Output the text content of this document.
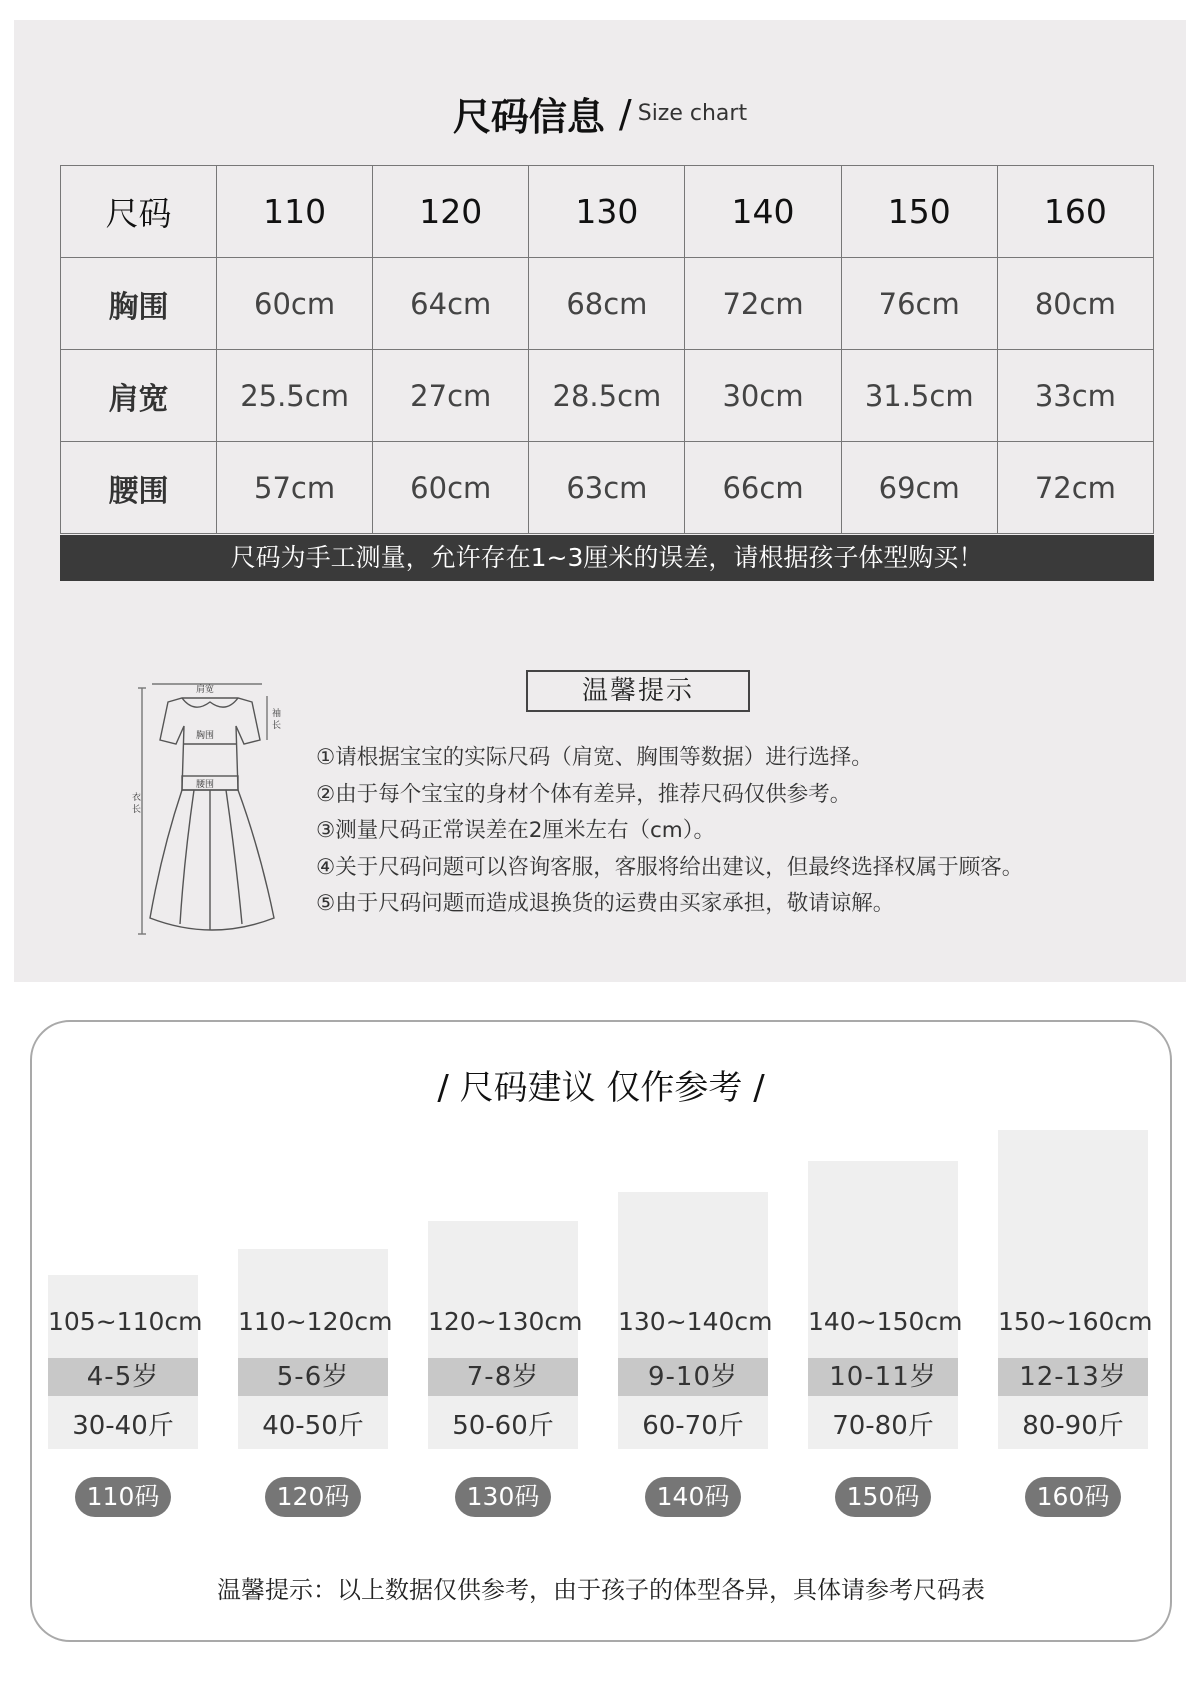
尺码信息 / Size chart
尺码	110	120	130	140	150	160
胸围	60cm	64cm	68cm	72cm	76cm	80cm
肩宽	25.5cm	27cm	28.5cm	30cm	31.5cm	33cm
腰围	57cm	60cm	63cm	66cm	69cm	72cm
尺码为手工测量，允许存在1~3厘米的误差，请根据孩子体型购买！
肩宽
胸围
腰围
袖
长
衣
长
温馨提示
①请根据宝宝的实际尺码（肩宽、胸围等数据）进行选择。
②由于每个宝宝的身材个体有差异，推荐尺码仅供参考。
③测量尺码正常误差在2厘米左右（cm）。
④关于尺码问题可以咨询客服，客服将给出建议，但最终选择权属于顾客。
⑤由于尺码问题而造成退换货的运费由买家承担，敬请谅解。
/ 尺码建议 仅作参考 /
105~110cm
4-5岁
30-40斤
110码
110~120cm
5-6岁
40-50斤
120码
120~130cm
7-8岁
50-60斤
130码
130~140cm
9-10岁
60-70斤
140码
140~150cm
10-11岁
70-80斤
150码
150~160cm
12-13岁
80-90斤
160码
温馨提示：以上数据仅供参考，由于孩子的体型各异，具体请参考尺码表
